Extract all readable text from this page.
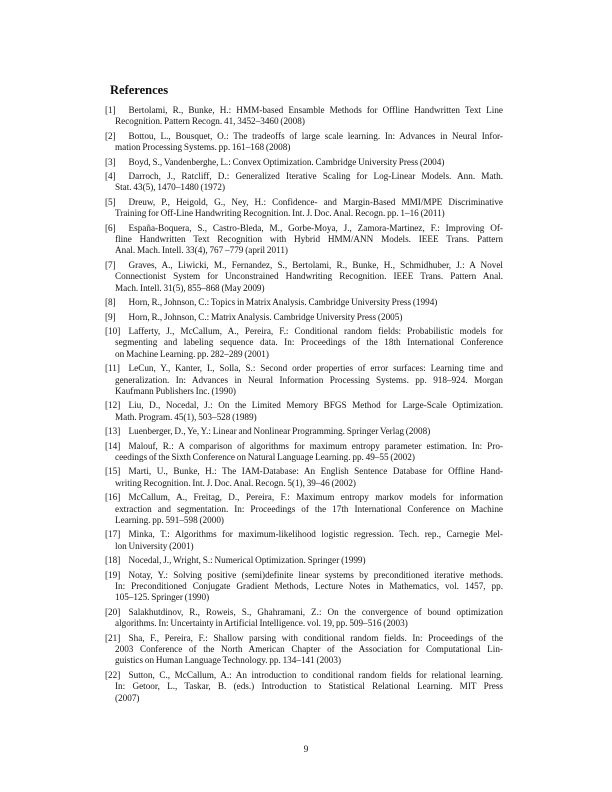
References
[1] Bertolami, R., Bunke, H.: HMM-based Ensamble Methods for Offline Handwritten Text Line
Recognition. Pattern Recogn. 41, 3452–3460 (2008)
[2] Bottou, L., Bousquet, O.: The tradeoffs of large scale learning. In: Advances in Neural Infor-
mation Processing Systems. pp. 161–168 (2008)
[3] Boyd, S., Vandenberghe, L.: Convex Optimization. Cambridge University Press (2004)
[4] Darroch, J., Ratcliff, D.: Generalized Iterative Scaling for Log-Linear Models. Ann. Math.
Stat. 43(5), 1470–1480 (1972)
[5] Dreuw, P., Heigold, G., Ney, H.: Confidence- and Margin-Based MMI/MPE Discriminative
Training for Off-Line Handwriting Recognition. Int. J. Doc. Anal. Recogn. pp. 1–16 (2011)
[6] España-Boquera, S., Castro-Bleda, M., Gorbe-Moya, J., Zamora-Martinez, F.: Improving Of-
fline Handwritten Text Recognition with Hybrid HMM/ANN Models. IEEE Trans. Pattern
Anal. Mach. Intell. 33(4), 767 –779 (april 2011)
[7] Graves, A., Liwicki, M., Fernandez, S., Bertolami, R., Bunke, H., Schmidhuber, J.: A Novel
Connectionist System for Unconstrained Handwriting Recognition. IEEE Trans. Pattern Anal.
Mach. Intell. 31(5), 855–868 (May 2009)
[8] Horn, R., Johnson, C.: Topics in Matrix Analysis. Cambridge University Press (1994)
[9] Horn, R., Johnson, C.: Matrix Analysis. Cambridge University Press (2005)
[10] Lafferty, J., McCallum, A., Pereira, F.: Conditional random fields: Probabilistic models for
segmenting and labeling sequence data. In: Proceedings of the 18th International Conference
on Machine Learning. pp. 282–289 (2001)
[11] LeCun, Y., Kanter, I., Solla, S.: Second order properties of error surfaces: Learning time and
generalization. In: Advances in Neural Information Processing Systems. pp. 918–924. Morgan
Kaufmann Publishers Inc. (1990)
[12] Liu, D., Nocedal, J.: On the Limited Memory BFGS Method for Large-Scale Optimization.
Math. Program. 45(1), 503–528 (1989)
[13] Luenberger, D., Ye, Y.: Linear and Nonlinear Programming. Springer Verlag (2008)
[14] Malouf, R.: A comparison of algorithms for maximum entropy parameter estimation. In: Pro-
ceedings of the Sixth Conference on Natural Language Learning. pp. 49–55 (2002)
[15] Marti, U., Bunke, H.: The IAM-Database: An English Sentence Database for Offline Hand-
writing Recognition. Int. J. Doc. Anal. Recogn. 5(1), 39–46 (2002)
[16] McCallum, A., Freitag, D., Pereira, F.: Maximum entropy markov models for information
extraction and segmentation. In: Proceedings of the 17th International Conference on Machine
Learning. pp. 591–598 (2000)
[17] Minka, T.: Algorithms for maximum-likelihood logistic regression. Tech. rep., Carnegie Mel-
lon University (2001)
[18] Nocedal, J., Wright, S.: Numerical Optimization. Springer (1999)
[19] Notay, Y.: Solving positive (semi)definite linear systems by preconditioned iterative methods.
In: Preconditioned Conjugate Gradient Methods, Lecture Notes in Mathematics, vol. 1457, pp.
105–125. Springer (1990)
[20] Salakhutdinov, R., Roweis, S., Ghahramani, Z.: On the convergence of bound optimization
algorithms. In: Uncertainty in Artificial Intelligence. vol. 19, pp. 509–516 (2003)
[21] Sha, F., Pereira, F.: Shallow parsing with conditional random fields. In: Proceedings of the
2003 Conference of the North American Chapter of the Association for Computational Lin-
guistics on Human Language Technology. pp. 134–141 (2003)
[22] Sutton, C., McCallum, A.: An introduction to conditional random fields for relational learning.
In: Getoor, L., Taskar, B. (eds.) Introduction to Statistical Relational Learning. MIT Press
(2007)
9
